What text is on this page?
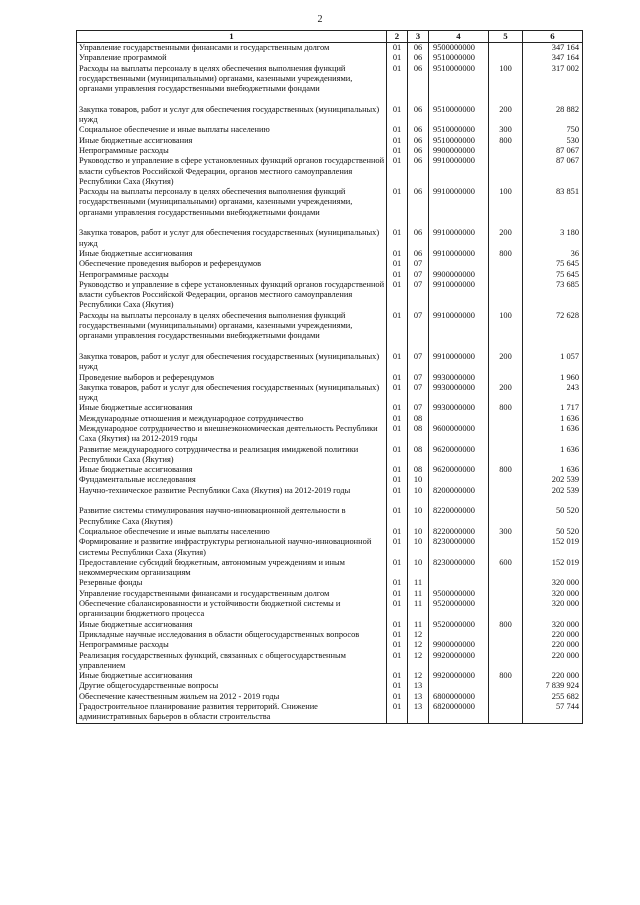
2
1	2	3	4	5	6
Управление государственными финансами и государственным долгом	01	06	9500000000		347 164
Управление программой	01	06	9510000000		347 164
Расходы на выплаты персоналу в целях обеспечения выполнения функций государственными (муниципальными) органами, казенными учреждениями, органами управления государственными внебюджетными фондами	01	06	9510000000	100	317 002

Закупка товаров, работ и услуг для обеспечения государственных (муниципальных) нужд	01	06	9510000000	200	28 882
Социальное обеспечение и иные выплаты населению	01	06	9510000000	300	750
Иные бюджетные ассигнования	01	06	9510000000	800	530
Непрограммные расходы	01	06	9900000000		87 067
Руководство и управление в сфере установленных функций органов государственной власти субъектов Российской Федерации, органов местного самоуправления Республики Саха (Якутия)	01	06	9910000000		87 067
Расходы на выплаты персоналу в целях обеспечения выполнения функций государственными (муниципальными) органами, казенными учреждениями, органами управления государственными внебюджетными фондами	01	06	9910000000	100	83 851

Закупка товаров, работ и услуг для обеспечения государственных (муниципальных) нужд	01	06	9910000000	200	3 180
Иные бюджетные ассигнования	01	06	9910000000	800	36
Обеспечение проведения выборов и референдумов	01	07			75 645
Непрограммные расходы	01	07	9900000000		75 645
Руководство и управление в сфере установленных функций органов государственной власти субъектов Российской Федерации, органов местного самоуправления Республики Саха (Якутия)	01	07	9910000000		73 685
Расходы на выплаты персоналу в целях обеспечения выполнения функций государственными (муниципальными) органами, казенными учреждениями, органами управления государственными внебюджетными фондами	01	07	9910000000	100	72 628

Закупка товаров, работ и услуг для обеспечения государственных (муниципальных) нужд	01	07	9910000000	200	1 057
Проведение выборов и референдумов	01	07	9930000000		1 960
Закупка товаров, работ и услуг для обеспечения государственных (муниципальных) нужд	01	07	9930000000	200	243
Иные бюджетные ассигнования	01	07	9930000000	800	1 717
Международные отношения и международное сотрудничество	01	08			1 636
Международное сотрудничество и внешнеэкономическая деятельность Республики Саха (Якутия) на 2012-2019 годы	01	08	9600000000		1 636
Развитие международного сотрудничества и реализация имиджевой политики Республики Саха (Якутия)	01	08	9620000000		1 636
Иные бюджетные ассигнования	01	08	9620000000	800	1 636
Фундаментальные исследования	01	10			202 539
Научно-техническое развитие Республики Саха (Якутия) на 2012-2019 годы	01	10	8200000000		202 539

Развитие системы стимулирования научно-инновационной деятельности в Республике Саха (Якутия)	01	10	8220000000		50 520
Социальное обеспечение и иные выплаты населению	01	10	8220000000	300	50 520
Формирование и развитие инфраструктуры региональной научно-инновационной системы Республики Саха (Якутия)	01	10	8230000000		152 019
Предоставление субсидий бюджетным, автономным учреждениям и иным некоммерческим организациям	01	10	8230000000	600	152 019
Резервные фонды	01	11			320 000
Управление государственными финансами и государственным долгом	01	11	9500000000		320 000
Обеспечение сбалансированности и устойчивости бюджетной системы и организации бюджетного процесса	01	11	9520000000		320 000
Иные бюджетные ассигнования	01	11	9520000000	800	320 000
Прикладные научные исследования в области общегосударственных вопросов	01	12			220 000
Непрограммные расходы	01	12	9900000000		220 000
Реализация государственных функций, связанных с общегосударственным управлением	01	12	9920000000		220 000
Иные бюджетные ассигнования	01	12	9920000000	800	220 000
Другие общегосударственные вопросы	01	13			7 839 924
Обеспечение качественным жильем на 2012 - 2019 годы	01	13	6800000000		255 682
Градостроительное планирование развития территорий. Снижение административных барьеров в области строительства	01	13	6820000000		57 744
